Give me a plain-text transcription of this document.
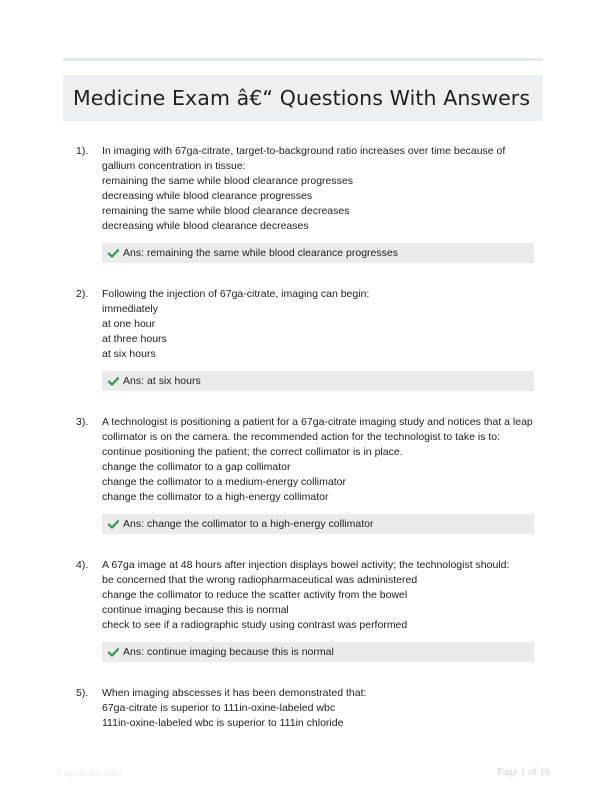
Medicine Exam â€“ Questions With Answers
1).	In imaging with 67ga-citrate, target-to-background ratio increases over time because of gallium concentration in tissue:
remaining the same while blood clearance progresses
decreasing while blood clearance progresses
remaining the same while blood clearance decreases
decreasing while blood clearance decreases
Ans: remaining the same while blood clearance progresses
2).	Following the injection of 67ga-citrate, imaging can begin:
immediately
at one hour
at three hours
at six hours
Ans: at six hours
3).	A technologist is positioning a patient for a 67ga-citrate imaging study and notices that a leap collimator is on the camera. the recommended action for the technologist to take is to:
continue positioning the patient; the correct collimator is in place.
change the collimator to a gap collimator
change the collimator to a medium-energy collimator
change the collimator to a high-energy collimator
Ans: change the collimator to a high-energy collimator
4).	A 67ga image at 48 hours after injection displays bowel activity; the technologist should:
be concerned that the wrong radiopharmaceutical was administered
change the collimator to reduce the scatter activity from the bowel
continue imaging because this is normal
check to see if a radiographic study using contrast was performed
Ans: continue imaging because this is normal
5).	When imaging abscesses it has been demonstrated that:
67ga-citrate is superior to 111in-oxine-labeled wbc
111in-oxine-labeled wbc is superior to 111in chloride
Papertribe.com	Page 1 of 16
